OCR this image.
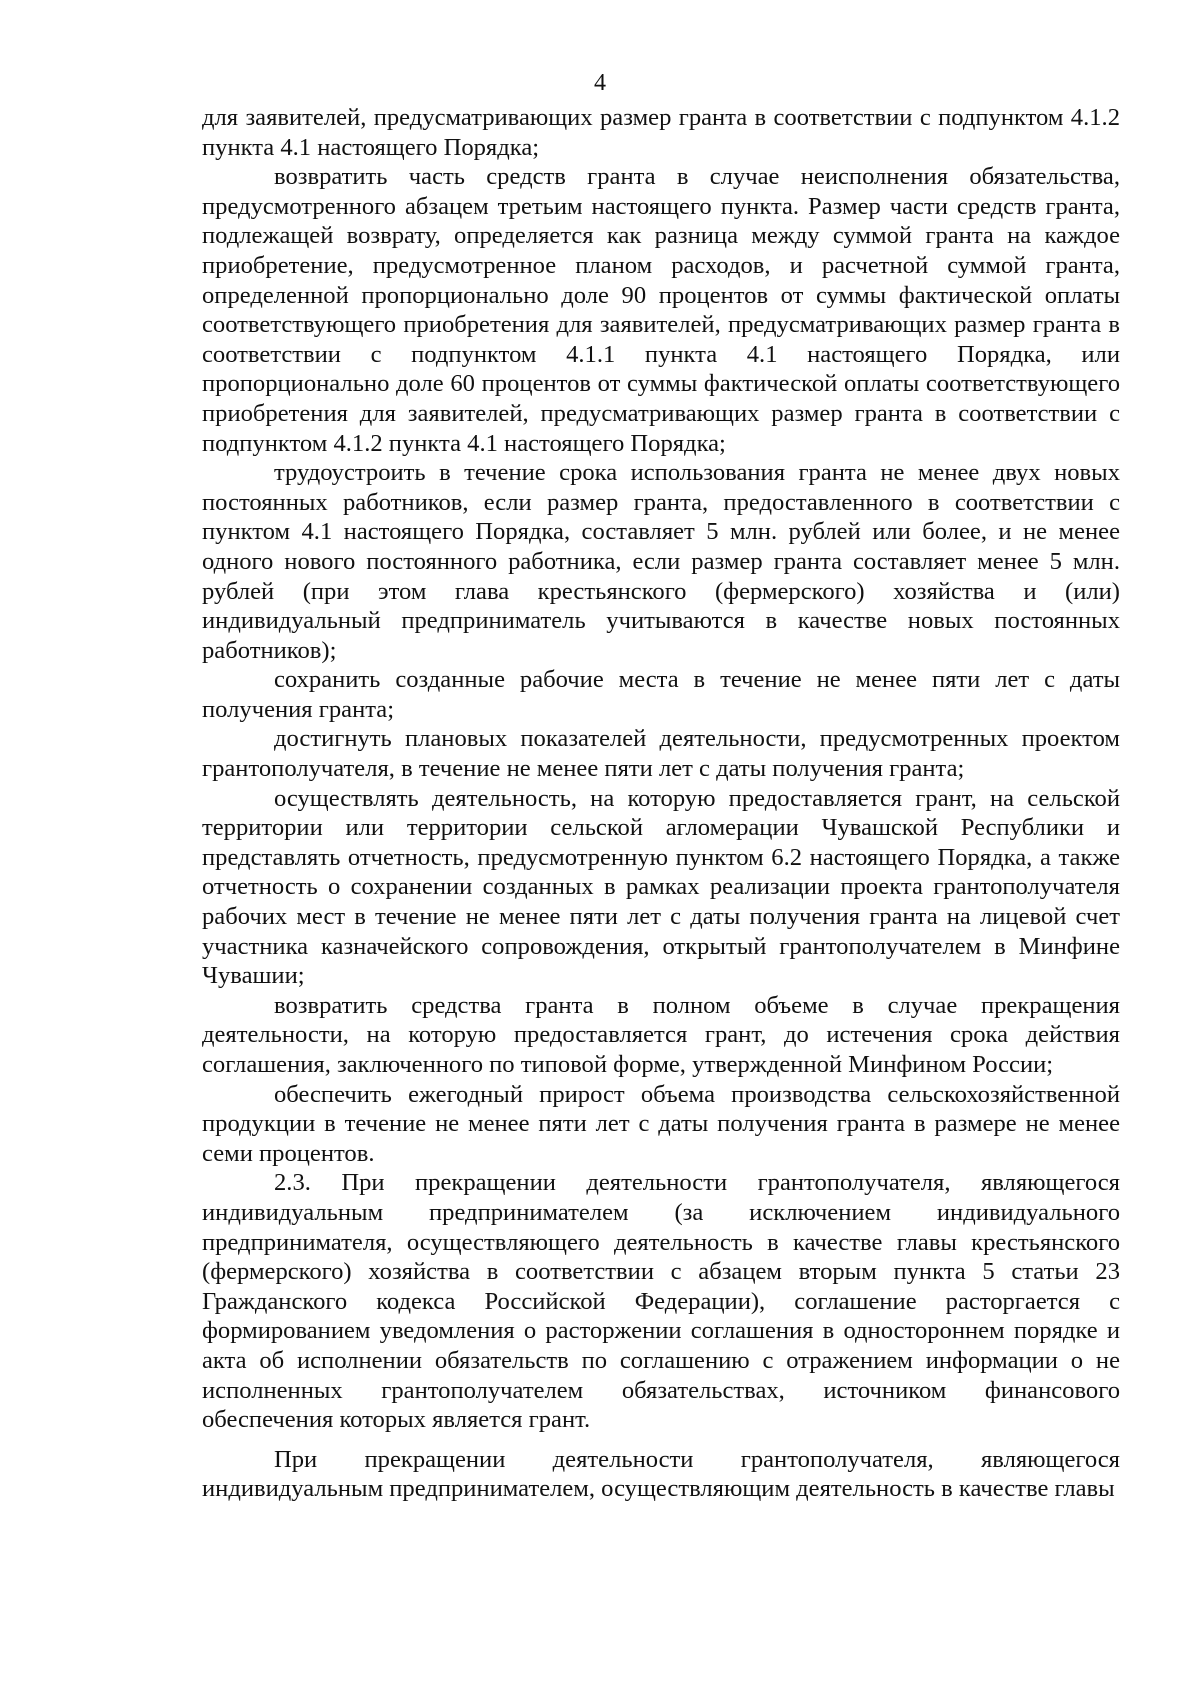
4

для заявителей, предусматривающих размер гранта в соответствии с подпунктом 4.1.2 пункта 4.1 настоящего Порядка;

возвратить часть средств гранта в случае неисполнения обязательства, предусмотренного абзацем третьим настоящего пункта. Размер части средств гранта, подлежащей возврату, определяется как разница между суммой гранта на каждое приобретение, предусмотренное планом расходов, и расчетной суммой гранта, определенной пропорционально доле 90 процентов от суммы фактической оплаты соответствующего приобретения для заявителей, предусматривающих размер гранта в соответствии с подпунктом 4.1.1 пункта 4.1 настоящего Порядка, или пропорционально доле 60 процентов от суммы фактической оплаты соответствующего приобретения для заявителей, предусматривающих размер гранта в соответствии с подпунктом 4.1.2 пункта 4.1 настоящего Порядка;

трудоустроить в течение срока использования гранта не менее двух новых постоянных работников, если размер гранта, предоставленного в соответствии с пунктом 4.1 настоящего Порядка, составляет 5 млн. рублей или более, и не менее одного нового постоянного работника, если размер гранта составляет менее 5 млн. рублей (при этом глава крестьянского (фермерского) хозяйства и (или) индивидуальный предприниматель учитываются в качестве новых постоянных работников);

сохранить созданные рабочие места в течение не менее пяти лет с даты получения гранта;

достигнуть плановых показателей деятельности, предусмотренных проектом грантополучателя, в течение не менее пяти лет с даты получения гранта;

осуществлять деятельность, на которую предоставляется грант, на сельской территории или территории сельской агломерации Чувашской Республики и представлять отчетность, предусмотренную пунктом 6.2 настоящего Порядка, а также отчетность о сохранении созданных в рамках реализации проекта грантополучателя рабочих мест в течение не менее пяти лет с даты получения гранта на лицевой счет участника казначейского сопровождения, открытый грантополучателем в Минфине Чувашии;

возвратить средства гранта в полном объеме в случае прекращения деятельности, на которую предоставляется грант, до истечения срока действия соглашения, заключенного по типовой форме, утвержденной Минфином России;

обеспечить ежегодный прирост объема производства сельскохозяйственной продукции в течение не менее пяти лет с даты получения гранта в размере не менее семи процентов.

2.3. При прекращении деятельности грантополучателя, являющегося индивидуальным предпринимателем (за исключением индивидуального предпринимателя, осуществляющего деятельность в качестве главы крестьянского (фермерского) хозяйства в соответствии с абзацем вторым пункта 5 статьи 23 Гражданского кодекса Российской Федерации), соглашение расторгается с формированием уведомления о расторжении соглашения в одностороннем порядке и акта об исполнении обязательств по соглашению с отражением информации о не исполненных грантополучателем обязательствах, источником финансового обеспечения которых является грант.

При прекращении деятельности грантополучателя, являющегося индивидуальным предпринимателем, осуществляющим деятельность в качестве главы
